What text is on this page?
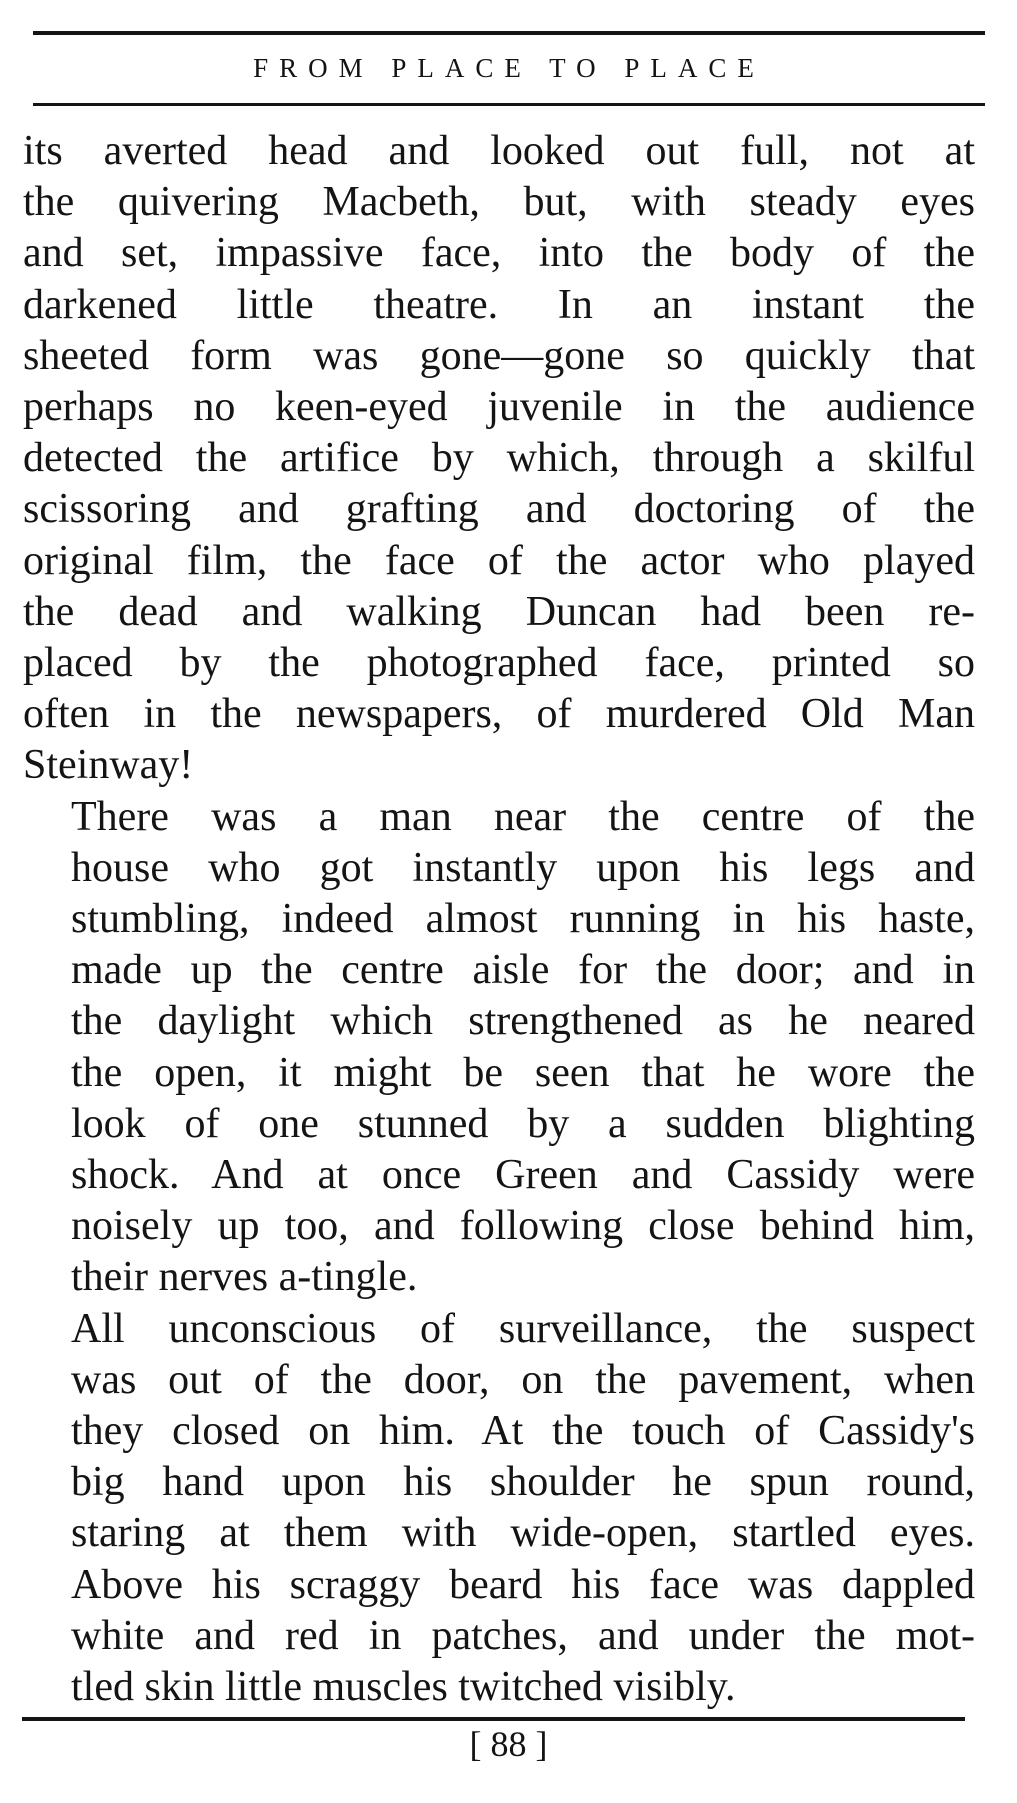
FROM PLACE TO PLACE

its averted head and looked out full, not at
the quivering Macbeth, but, with steady eyes
and set, impassive face, into the body of the
darkened little theatre. In an instant the
sheeted form was gone—gone so quickly that
perhaps no keen-eyed juvenile in the audience
detected the artifice by which, through a skilful
scissoring and grafting and doctoring of the
original film, the face of the actor who played
the dead and walking Duncan had been re-
placed by the photographed face, printed so
often in the newspapers, of murdered Old Man
Steinway!

There was a man near the centre of the
house who got instantly upon his legs and
stumbling, indeed almost running in his haste,
made up the centre aisle for the door; and in
the daylight which strengthened as he neared
the open, it might be seen that he wore the
look of one stunned by a sudden blighting
shock. And at once Green and Cassidy were
noisely up too, and following close behind him,
their nerves a-tingle.

All unconscious of surveillance, the suspect
was out of the door, on the pavement, when
they closed on him. At the touch of Cassidy's
big hand upon his shoulder he spun round,
staring at them with wide-open, startled eyes.
Above his scraggy beard his face was dappled
white and red in patches, and under the mot-
tled skin little muscles twitched visibly.

[ 88 ]
